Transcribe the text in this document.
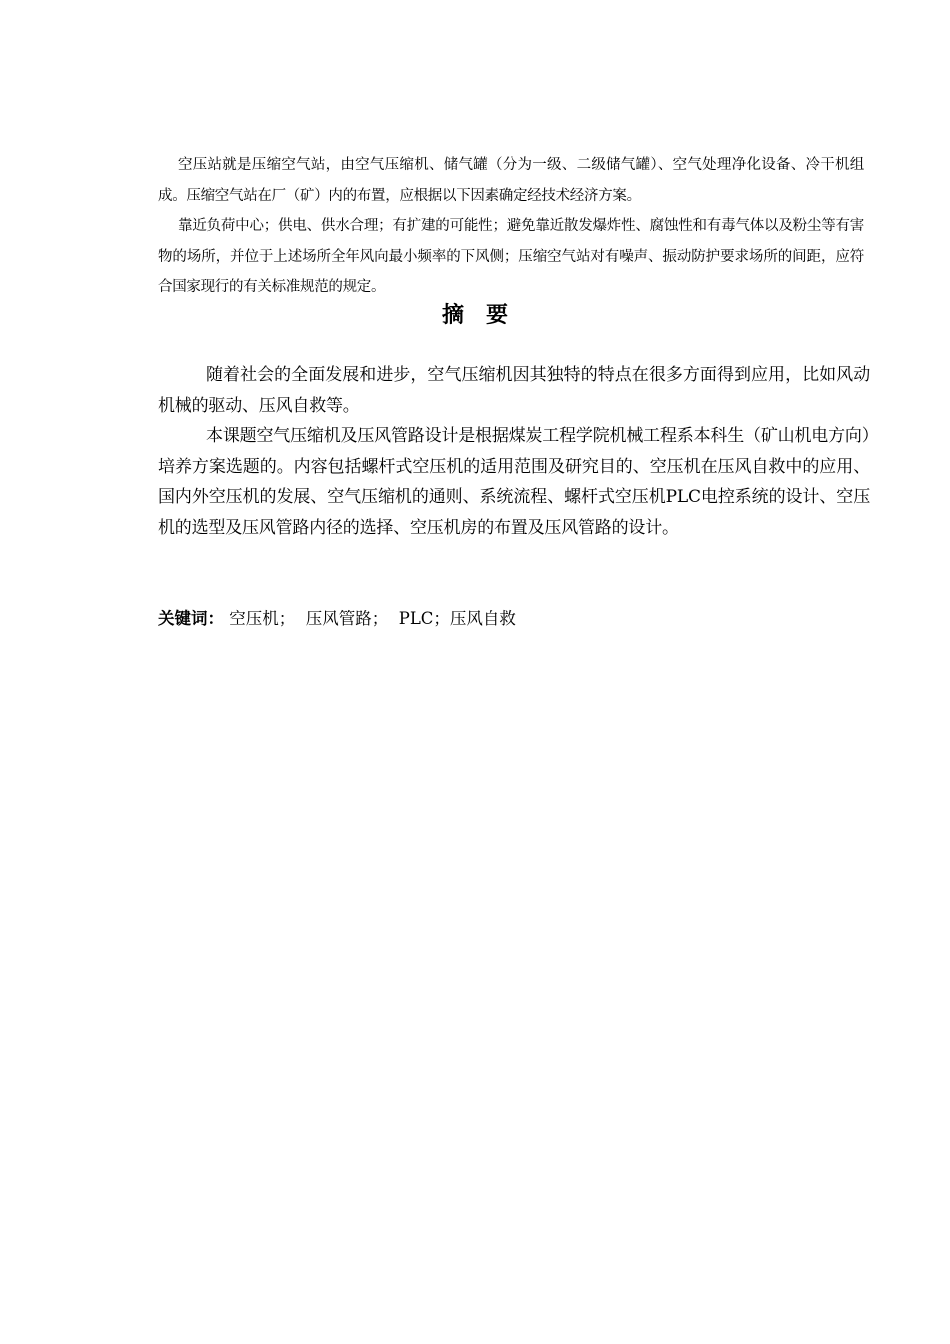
空压站就是压缩空气站，由空气压缩机、储气罐（分为一级、二级储气罐）、空气处理净化设备、冷干机组成。压缩空气站在厂（矿）内的布置，应根据以下因素确定经技术经济方案。

靠近负荷中心；供电、供水合理；有扩建的可能性；避免靠近散发爆炸性、腐蚀性和有毒气体以及粉尘等有害物的场所，并位于上述场所全年风向最小频率的下风侧；压缩空气站对有噪声、振动防护要求场所的间距，应符合国家现行的有关标准规范的规定。

摘要

随着社会的全面发展和进步，空气压缩机因其独特的特点在很多方面得到应用，比如风动机械的驱动、压风自救等。

本课题空气压缩机及压风管路设计是根据煤炭工程学院机械工程系本科生（矿山机电方向）培养方案选题的。内容包括螺杆式空压机的适用范围及研究目的、空压机在压风自救中的应用、国内外空压机的发展、空气压缩机的通则、系统流程、螺杆式空压机PLC电控系统的设计、空压机的选型及压风管路内径的选择、空压机房的布置及压风管路的设计。

关键词： 空压机；  压风管路；  PLC；压风自救
